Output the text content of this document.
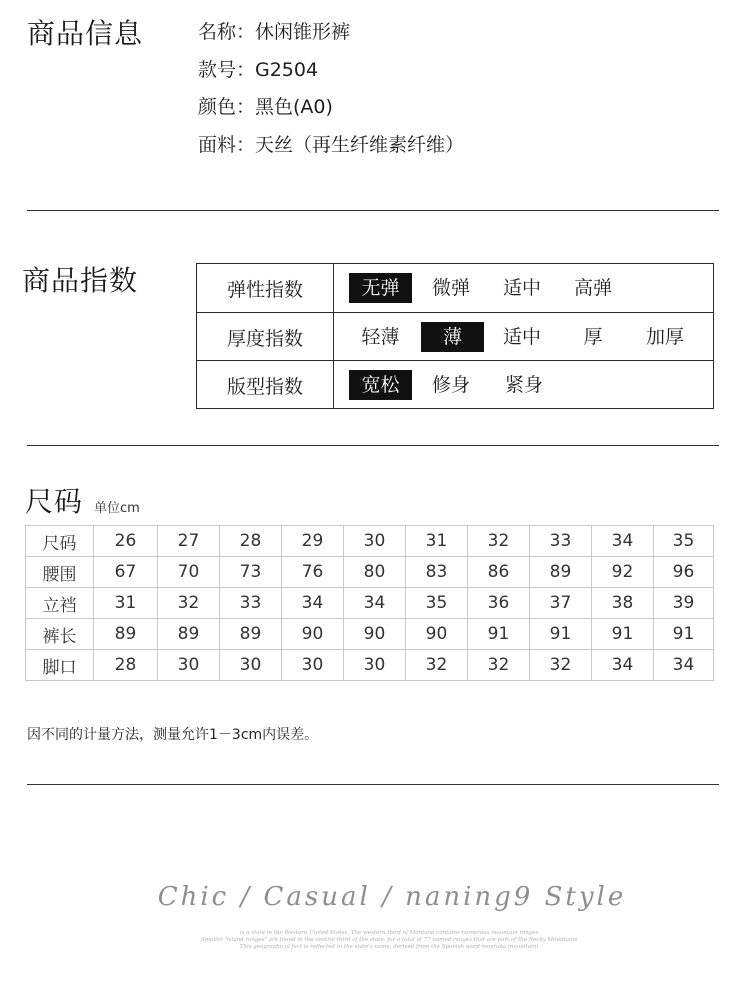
商品信息	名称：休闲锥形裤
款号：G2504
颜色：黑色(A0)
面料：天丝（再生纤维素纤维）
商品指数	弹性指数	无弹	微弹	适中	高弹
厚度指数	轻薄	薄	适中	厚	加厚
版型指数	宽松	修身	紧身
尺码 单位cm
尺码	26	27	28	29	30	31	32	33	34	35
腰围	67	70	73	76	80	83	86	89	92	96
立裆	31	32	33	34	34	35	36	37	38	39
裤长	89	89	89	90	90	90	91	91	91	91
脚口	28	30	30	30	30	32	32	32	34	34
因不同的计量方法，测量允许1－3cm内误差。
Chic / Casual / naning9 Style
is a state in the Western United States. The western third of Montana contains numerous mountain ranges.
Smaller "island ranges" are found in the central third of the state, for a total of 77 named ranges that are part of the Rocky Mountains.
This geographical fact is reflected in the state's name, derived from the Spanish word montaña (mountain).
